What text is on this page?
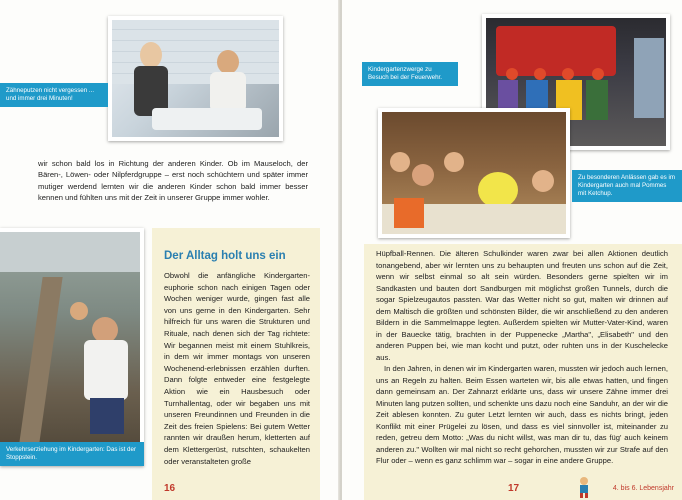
Zähneputzen nicht vergessen ... und immer drei Minuten!
wir schon bald los in Richtung der anderen Kinder. Ob im Mauseloch, der Bären-, Löwen- oder Nilpferdgruppe – erst noch schüchtern und später immer mutiger werdend lernten wir die anderen Kinder schon bald immer besser kennen und fühlten uns mit der Zeit in unserer Gruppe immer wohler.
Verkehrserziehung im Kindergarten: Das ist der Stoppstein.
Der Alltag holt uns ein
Obwohl die anfängliche Kindergarten-euphorie schon nach einigen Tagen oder Wochen weniger wurde, gingen fast alle von uns gerne in den Kindergarten. Sehr hilfreich für uns waren die Strukturen und Rituale, nach denen sich der Tag richtete: Wir begannen meist mit einem Stuhlkreis, in dem wir immer montags von unseren Wochenend-erlebnissen erzählen durften. Dann folgte entweder eine festgelegte Aktion wie ein Hausbesuch oder Turnhallentag, oder wir begaben uns mit unseren Freundinnen und Freunden in die Zeit des freien Spielens: Bei gutem Wetter rannten wir draußen herum, kletterten auf dem Klettergerüst, rutschten, schaukelten oder veranstalteten große
16
Kindergartenzwerge zu Besuch bei der Feuerwehr.
Zu besonderen Anlässen gab es im Kindergarten auch mal Pommes mit Ketchup.
Hüpfball-Rennen. Die älteren Schulkinder waren zwar bei allen Aktionen deutlich tonangebend, aber wir lernten uns zu behaupten und freuten uns schon auf die Zeit, wenn wir selbst einmal so alt sein würden. Besonders gerne spielten wir im Sandkasten und bauten dort Sandburgen mit möglichst großen Tunnels, durch die sogar Spielzeugautos passten. War das Wetter nicht so gut, malten wir drinnen auf dem Maltisch die größten und schönsten Bilder, die wir anschließend zu den anderen Bildern in die Sammelmappe legten. Außerdem spielten wir Mutter-Vater-Kind, waren in der Bauecke tätig, brachten in der Puppenecke „Martha", „Elisabeth" und den anderen Puppen bei, wie man kocht und putzt, oder ruhten uns in der Kuschelecke aus.
In den Jahren, in denen wir im Kindergarten waren, mussten wir jedoch auch lernen, uns an Regeln zu halten. Beim Essen warteten wir, bis alle etwas hatten, und fingen dann gemeinsam an. Der Zahnarzt erklärte uns, dass wir unsere Zähne immer drei Minuten lang putzen sollten, und schenkte uns dazu noch eine Sanduhr, an der wir die Zeit ablesen konnten. Zu guter Letzt lernten wir auch, dass es nichts bringt, jeden Konflikt mit einer Prügelei zu lösen, und dass es viel sinnvoller ist, miteinander zu reden, getreu dem Motto: „Was du nicht willst, was man dir tu, das füg' auch keinem anderen zu." Wollten wir mal nicht so recht gehorchen, mussten wir zur Strafe auf den Flur oder – wenn es ganz schlimm war – sogar in eine andere Gruppe.
17	4. bis 6. Lebensjahr
